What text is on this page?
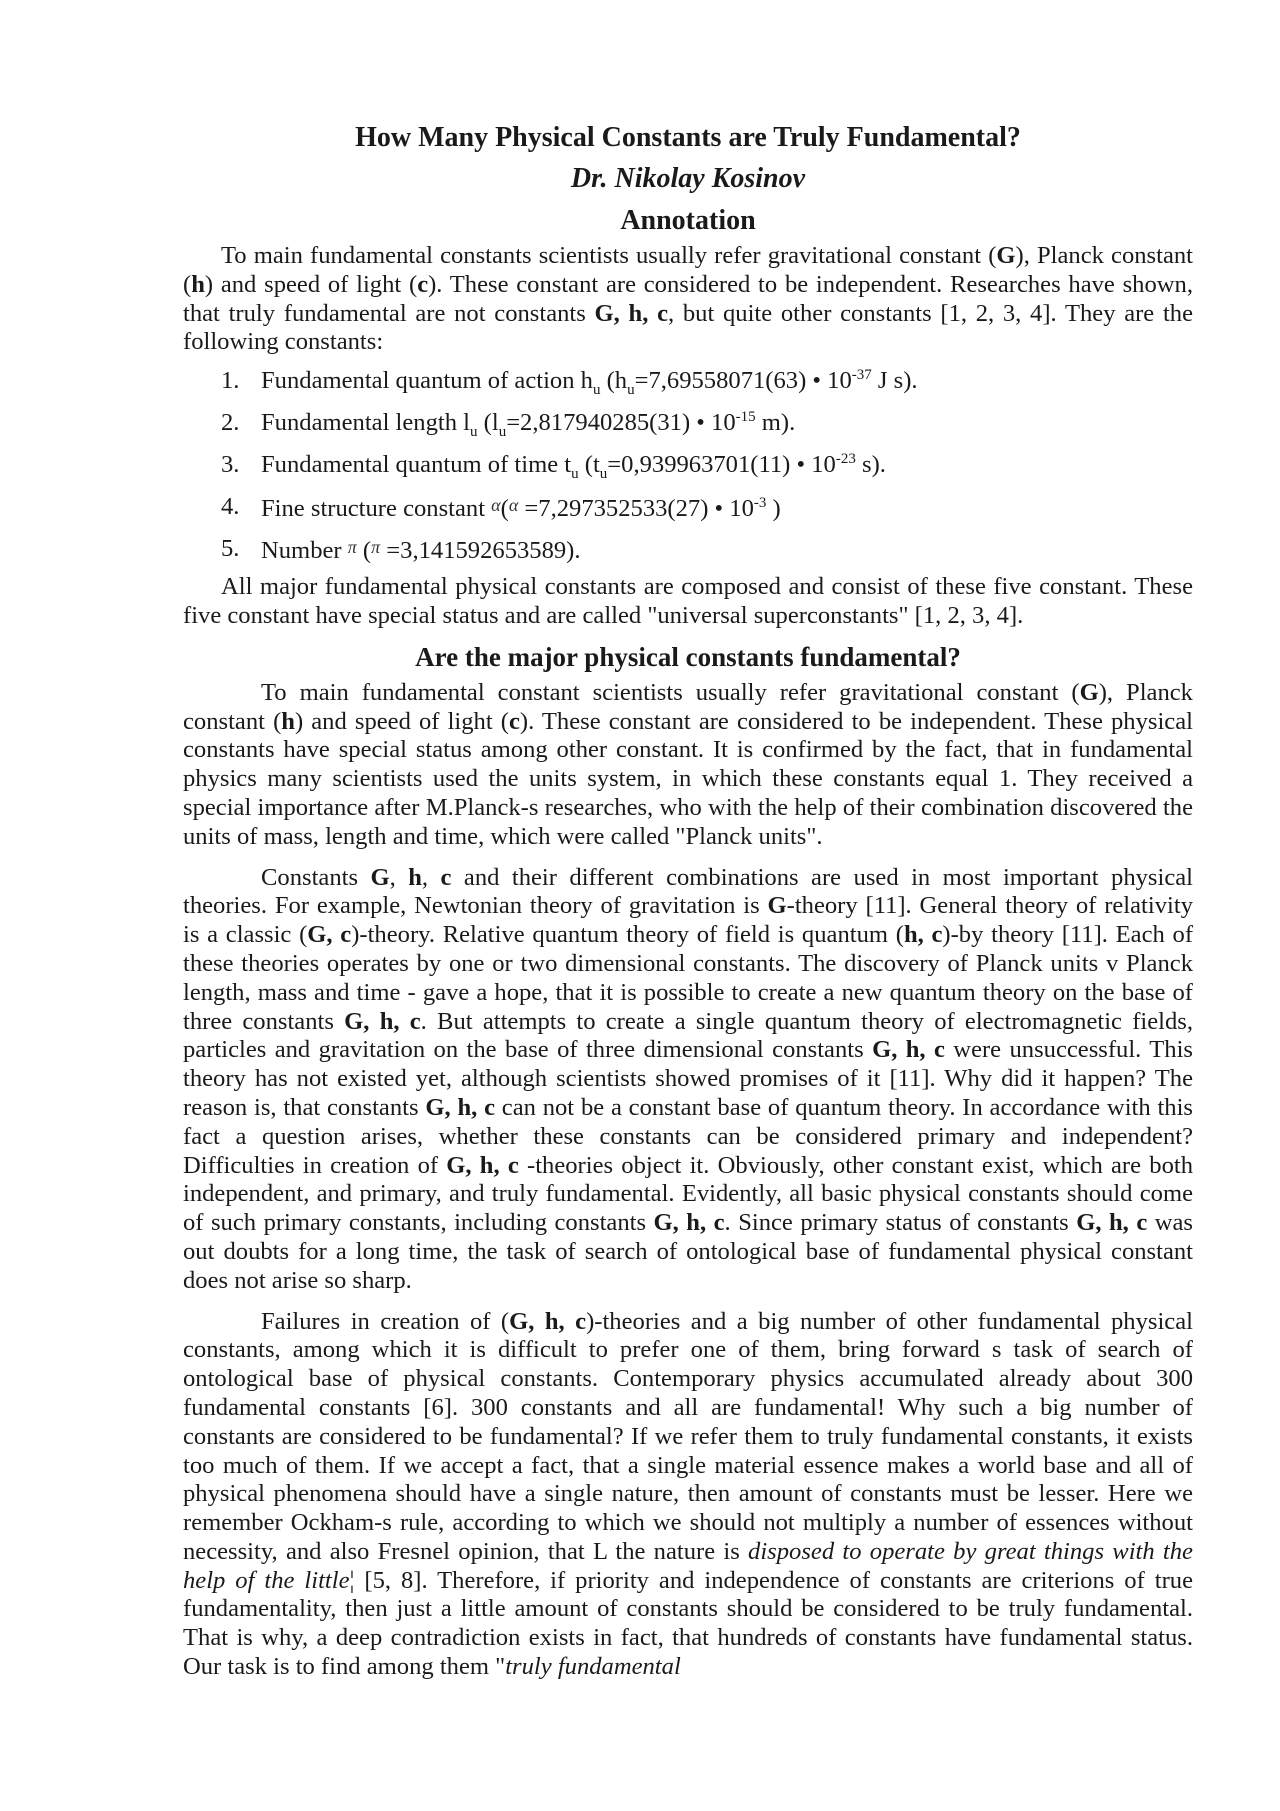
How Many Physical Constants are Truly Fundamental?
Dr. Nikolay Kosinov
Annotation

To main fundamental constants scientists usually refer gravitational constant (G), Planck constant (h) and speed of light (c). These constant are considered to be independent. Researches have shown, that truly fundamental are not constants G, h, c, but quite other constants [1, 2, 3, 4]. They are the following constants:

1. Fundamental quantum of action $h_u$ ($h_u=7,69558071(63)$ • $10^{-37}$ J s).
2. Fundamental length $l_u$ ($l_u=2,817940285(31)$ • $10^{-15}$ m).
3. Fundamental quantum of time $t_u$ ($t_u=0,939963701(11)$ • $10^{-23}$ s).
4. Fine structure constant $^\alpha$($^\alpha$ =7,297352533(27) • $10^{-3}$ )
5. Number $^\pi$ ($^\pi$ =3,141592653589).

All major fundamental physical constants are composed and consist of these five constant. These five constant have special status and are called "universal superconstants" [1, 2, 3, 4].

Are the major physical constants fundamental?

To main fundamental constant scientists usually refer gravitational constant (G), Planck constant (h) and speed of light (c). These constant are considered to be independent. These physical constants have special status among other constant. It is confirmed by the fact, that in fundamental physics many scientists used the units system, in which these constants equal 1. They received a special importance after M.Planck-s researches, who with the help of their combination discovered the units of mass, length and time, which were called "Planck units".

Constants G, h, c and their different combinations are used in most important physical theories. For example, Newtonian theory of gravitation is G-theory [11]. General theory of relativity is a classic (G, c)-theory. Relative quantum theory of field is quantum (h, c)-by theory [11]. Each of these theories operates by one or two dimensional constants. The discovery of Planck units v Planck length, mass and time - gave a hope, that it is possible to create a new quantum theory on the base of three constants G, h, c. But attempts to create a single quantum theory of electromagnetic fields, particles and gravitation on the base of three dimensional constants G, h, c were unsuccessful. This theory has not existed yet, although scientists showed promises of it [11]. Why did it happen? The reason is, that constants G, h, c can not be a constant base of quantum theory. In accordance with this fact a question arises, whether these constants can be considered primary and independent? Difficulties in creation of G, h, c -theories object it. Obviously, other constant exist, which are both independent, and primary, and truly fundamental. Evidently, all basic physical constants should come of such primary constants, including constants G, h, c. Since primary status of constants G, h, c was out doubts for a long time, the task of search of ontological base of fundamental physical constant does not arise so sharp.

Failures in creation of (G, h, c)-theories and a big number of other fundamental physical constants, among which it is difficult to prefer one of them, bring forward s task of search of ontological base of physical constants. Contemporary physics accumulated already about 300 fundamental constants [6]. 300 constants and all are fundamental! Why such a big number of constants are considered to be fundamental? If we refer them to truly fundamental constants, it exists too much of them. If we accept a fact, that a single material essence makes a world base and all of physical phenomena should have a single nature, then amount of constants must be lesser. Here we remember Ockham-s rule, according to which we should not multiply a number of essences without necessity, and also Fresnel opinion, that L the nature is disposed to operate by great things with the help of the little¦ [5, 8]. Therefore, if priority and independence of constants are criterions of true fundamentality, then just a little amount of constants should be considered to be truly fundamental. That is why, a deep contradiction exists in fact, that hundreds of constants have fundamental status. Our task is to find among them "truly fundamental
